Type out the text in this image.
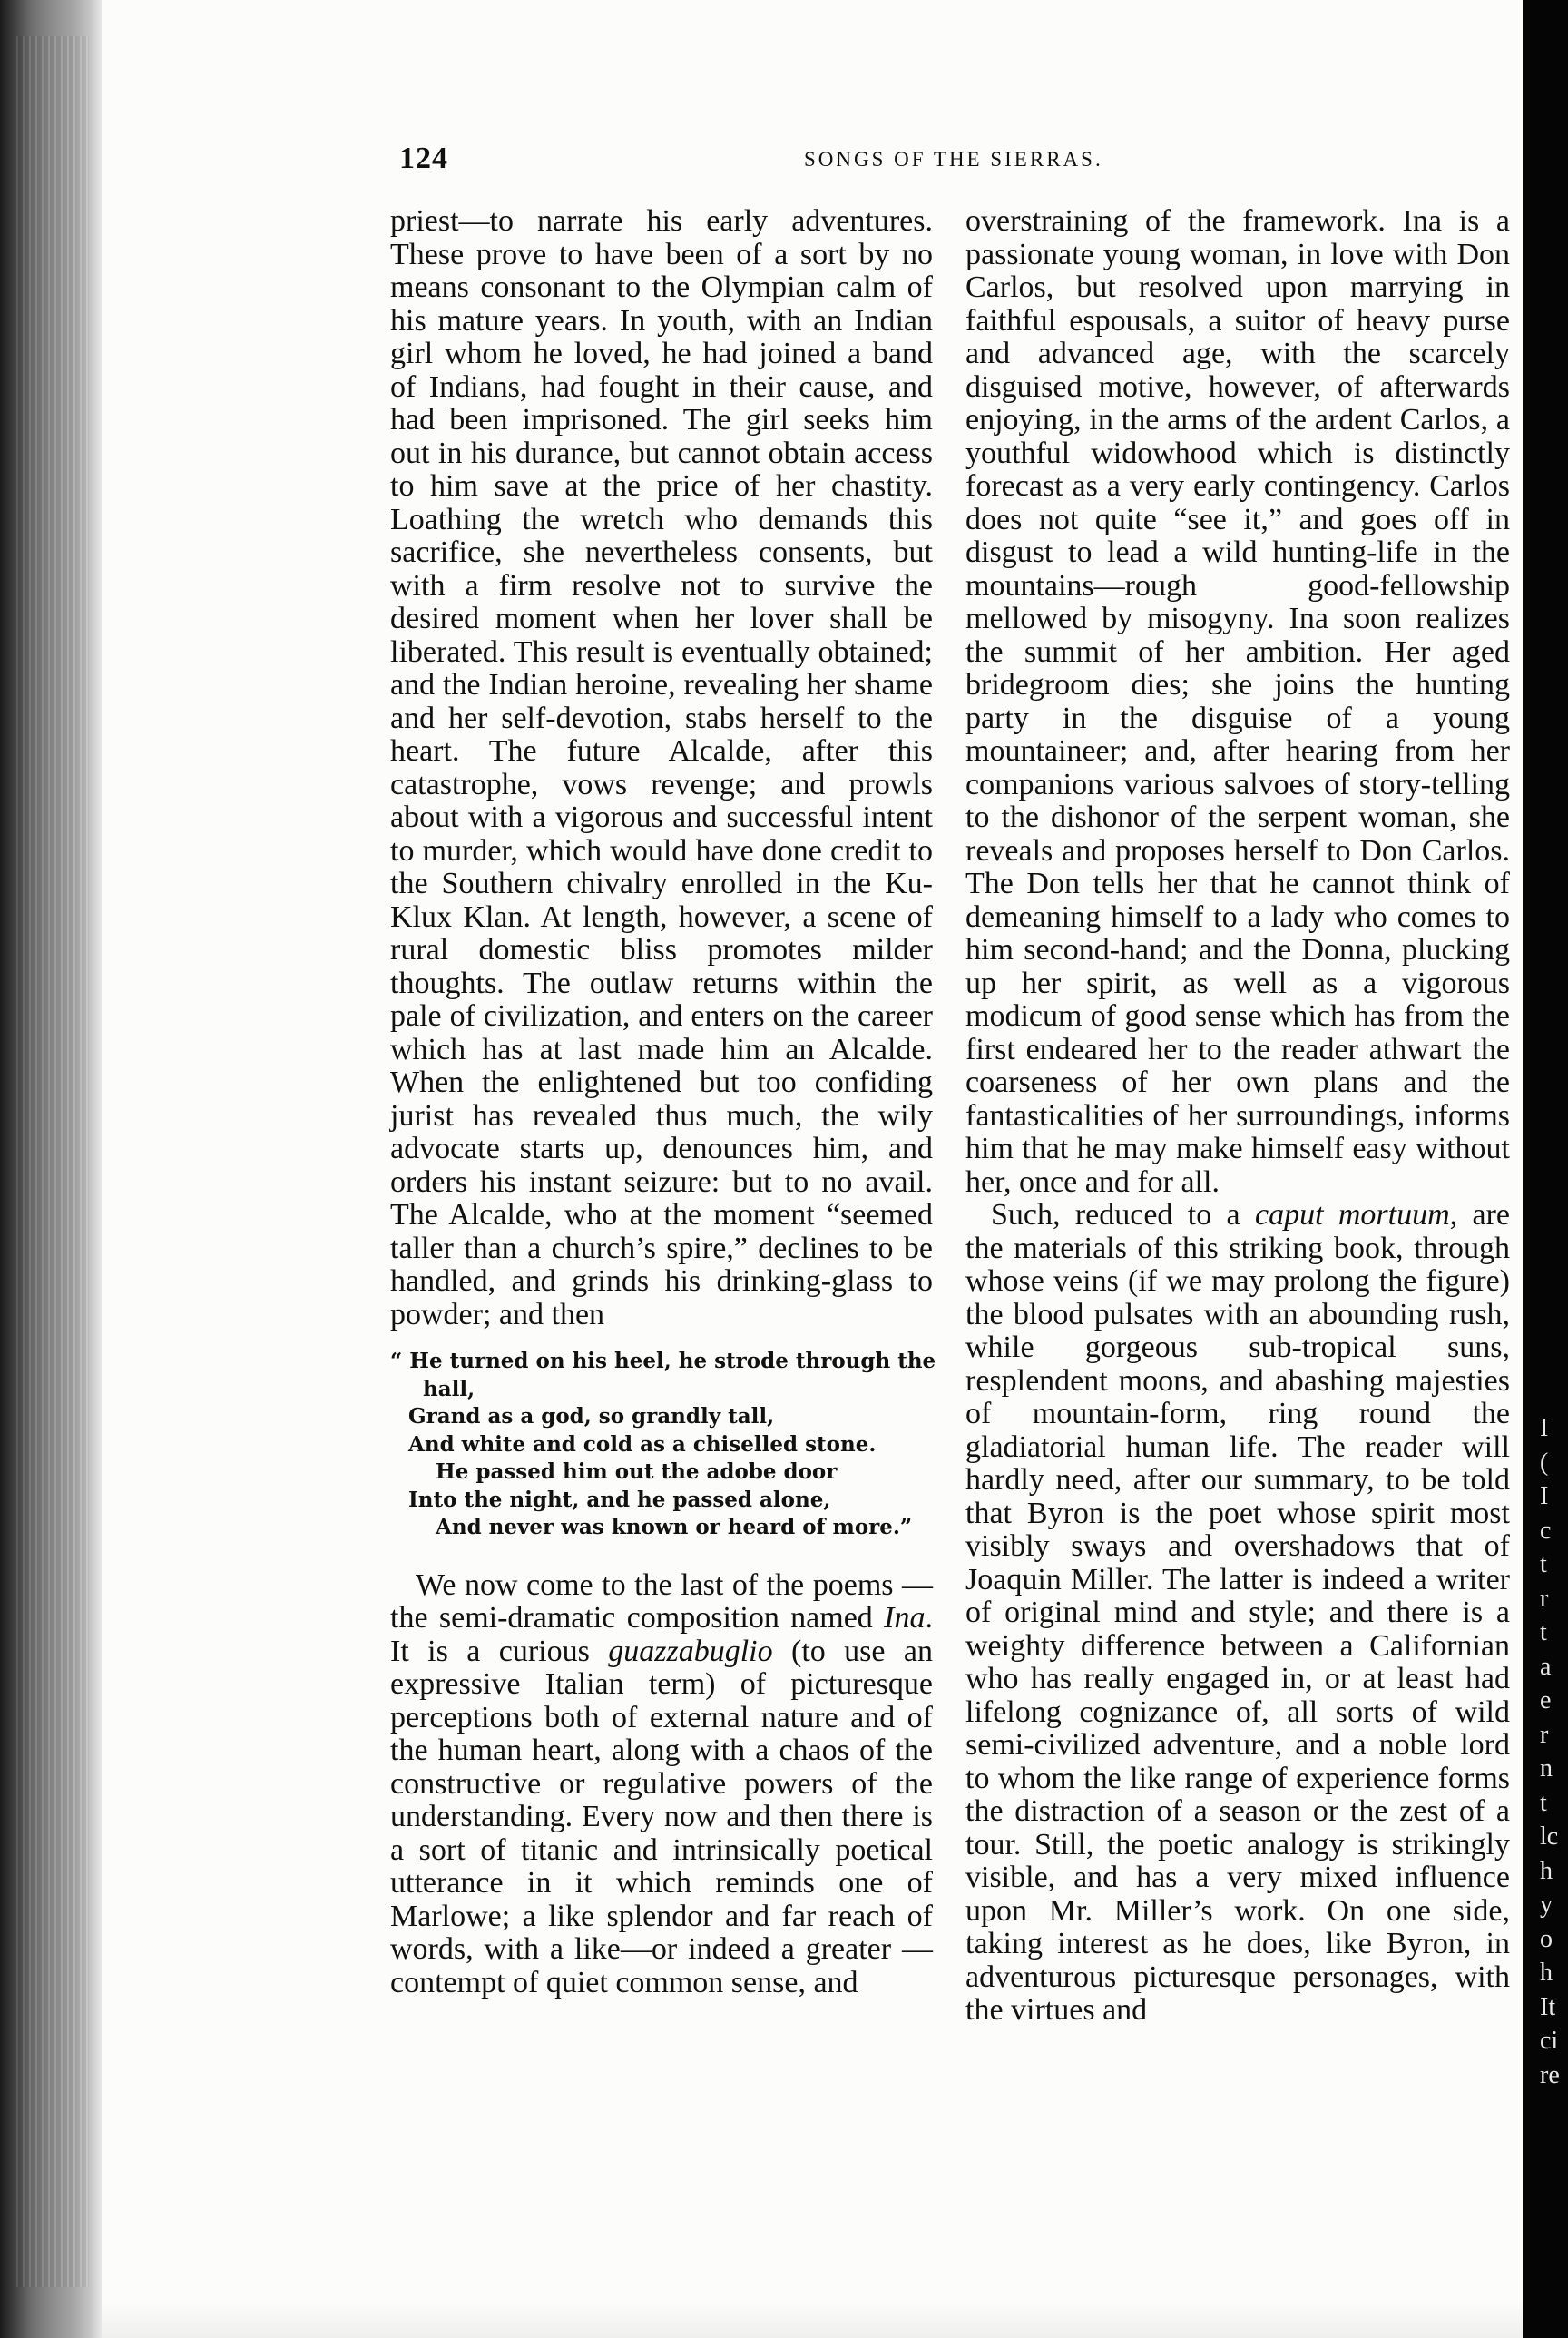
I
(
I
c
t
r
t
a
e
r
n
t
lc
h
y
o
h
It
ci
re
124	SONGS OF THE SIERRAS.

priest—to narrate his early adventures. These prove to have been of a sort by no means consonant to the Olympian calm of his mature years. In youth, with an Indian girl whom he loved, he had joined a band of Indians, had fought in their cause, and had been imprisoned. The girl seeks him out in his durance, but cannot obtain access to him save at the price of her chastity. Loathing the wretch who demands this sacrifice, she nevertheless consents, but with a firm resolve not to survive the desired moment when her lover shall be liberated. This result is eventually obtained; and the Indian heroine, revealing her shame and her self-devotion, stabs herself to the heart. The future Alcalde, after this catastrophe, vows revenge; and prowls about with a vigorous and successful intent to murder, which would have done credit to the Southern chivalry enrolled in the Ku-Klux Klan. At length, however, a scene of rural domestic bliss promotes milder thoughts. The outlaw returns within the pale of civilization, and enters on the career which has at last made him an Alcalde. When the enlightened but too confiding jurist has revealed thus much, the wily advocate starts up, denounces him, and orders his instant seizure: but to no avail. The Alcalde, who at the moment “seemed taller than a church’s spire,” declines to be handled, and grinds his drinking-glass to powder; and then

“ He turned on his heel, he strode through the
hall,
Grand as a god, so grandly tall,
And white and cold as a chiselled stone.
He passed him out the adobe door
Into the night, and he passed alone,
And never was known or heard of more.”

We now come to the last of the poems —the semi-dramatic composition named Ina. It is a curious guazzabuglio (to use an expressive Italian term) of picturesque perceptions both of external nature and of the human heart, along with a chaos of the constructive or regulative powers of the understanding. Every now and then there is a sort of titanic and intrinsically poetical utterance in it which reminds one of Marlowe; a like splendor and far reach of words, with a like—or indeed a greater —contempt of quiet common sense, and

overstraining of the framework. Ina is a passionate young woman, in love with Don Carlos, but resolved upon marrying in faithful espousals, a suitor of heavy purse and advanced age, with the scarcely disguised motive, however, of afterwards enjoying, in the arms of the ardent Carlos, a youthful widowhood which is distinctly forecast as a very early contingency. Carlos does not quite “see it,” and goes off in disgust to lead a wild hunting-life in the mountains—rough good-fellowship mellowed by misogyny. Ina soon realizes the summit of her ambition. Her aged bridegroom dies; she joins the hunting party in the disguise of a young mountaineer; and, after hearing from her companions various salvoes of story-telling to the dishonor of the serpent woman, she reveals and proposes herself to Don Carlos. The Don tells her that he cannot think of demeaning himself to a lady who comes to him second-hand; and the Donna, plucking up her spirit, as well as a vigorous modicum of good sense which has from the first endeared her to the reader athwart the coarseness of her own plans and the fantasticalities of her surroundings, informs him that he may make himself easy without her, once and for all.

Such, reduced to a caput mortuum, are the materials of this striking book, through whose veins (if we may prolong the figure) the blood pulsates with an abounding rush, while gorgeous sub-tropical suns, resplendent moons, and abashing majesties of mountain-form, ring round the gladiatorial human life. The reader will hardly need, after our summary, to be told that Byron is the poet whose spirit most visibly sways and overshadows that of Joaquin Miller. The latter is indeed a writer of original mind and style; and there is a weighty difference between a Californian who has really engaged in, or at least had lifelong cognizance of, all sorts of wild semi-civilized adventure, and a noble lord to whom the like range of experience forms the distraction of a season or the zest of a tour. Still, the poetic analogy is strikingly visible, and has a very mixed influence upon Mr. Miller’s work. On one side, taking interest as he does, like Byron, in adventurous picturesque personages, with the virtues and
